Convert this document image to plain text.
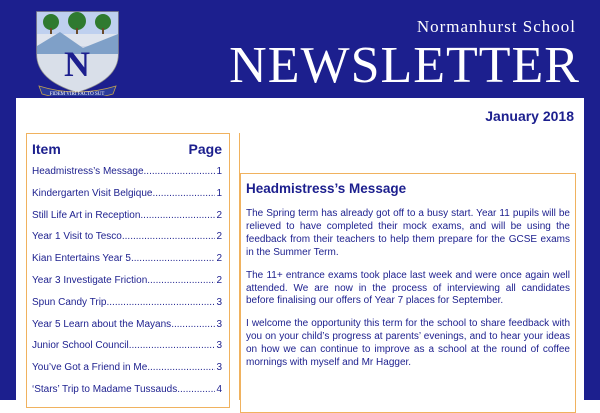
N
FIDEM VIRI FACTO SUT
Normanhurst School
NEWSLETTER
January 2018
Item	Page
Headmistress’s Message .....	1
Kindergarten Visit Belgique .....	1
Still Life Art in Reception .....	2
Year 1 Visit to Tesco .....	2
Kian Entertains Year 5 .....	2
Year 3 Investigate Friction .....	2
Spun Candy Trip .....	3
Year 5 Learn about the Mayans .....	3
Junior School Council .....	3
You’ve Got a Friend in Me .....	3
‘Stars’ Trip to Madame Tussauds .....	4
Headmistress’s Message

The Spring term has already got off to a busy start. Year 11 pupils will be relieved to have completed their mock exams, and will be using the feedback from their teachers to help them prepare for the GCSE exams in the Summer Term.

The 11+ entrance exams took place last week and were once again well attended. We are now in the process of interviewing all candidates before finalising our offers of Year 7 places for September.

I welcome the opportunity this term for the school to share feedback with you on your child’s progress at parents’ evenings, and to hear your ideas on how we can continue to improve as a school at the round of coffee mornings with myself and Mr Hagger.
